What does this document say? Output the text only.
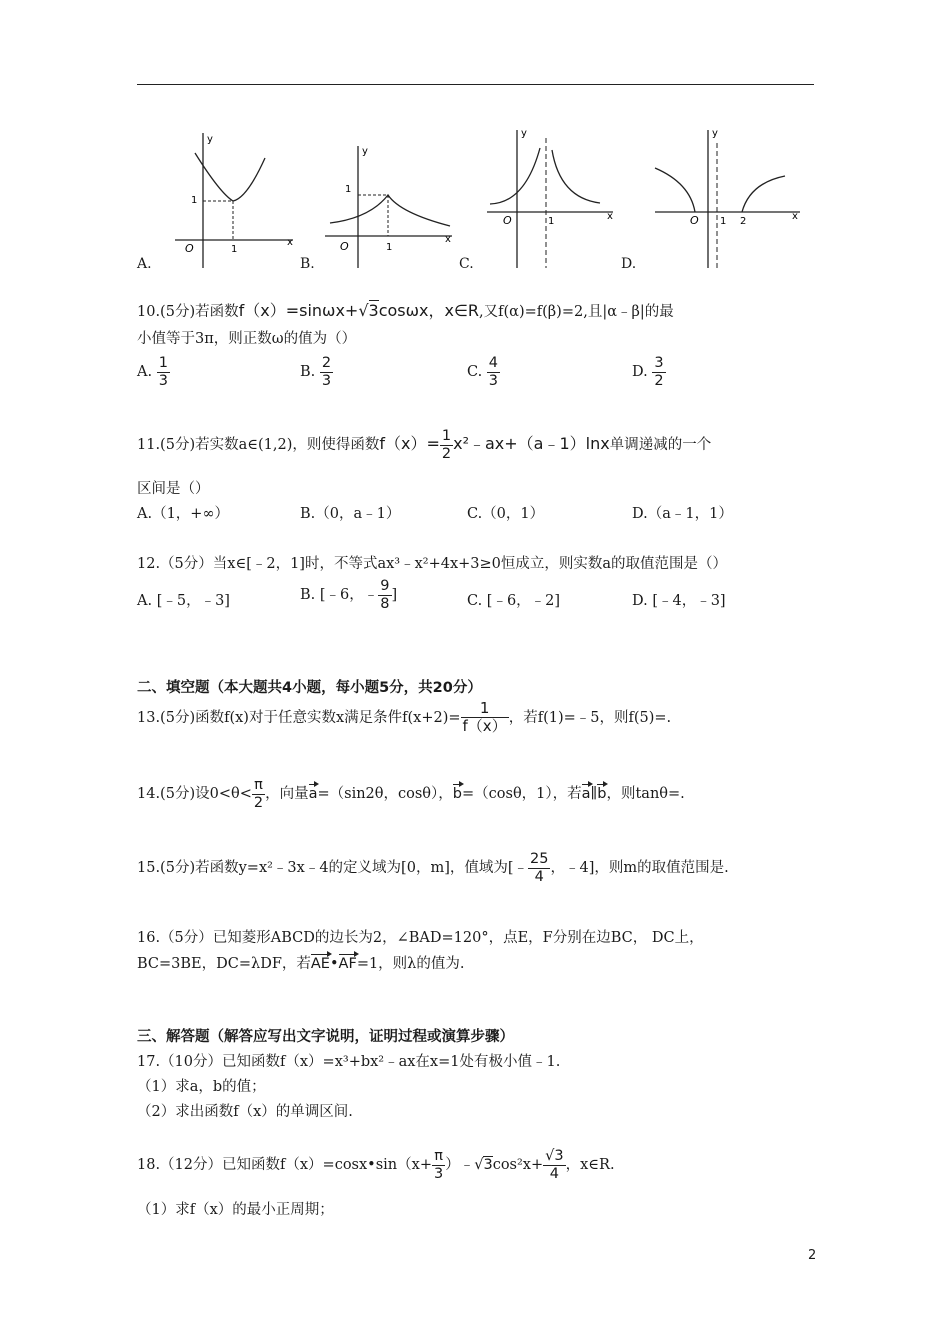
y
1
O	1
x
y
1
O	1
x
y
O	1	x
y
O 1 2	x
A.	B.	C.	D.
10.(5分)若函数f（x）=sinωx+√3cosωx，x∈R,又f(α)=f(β)=2,且|α﹣β|的最
小值等于3π，则正数ω的值为（）
A. $\frac{1}{3}$	B. $\frac{2}{3}$	C. $\frac{4}{3}$	D. $\frac{3}{2}$
11.(5分)若实数a∈(1,2)，则使得函数$f(x)= \frac{1}{2}$ x²﹣ax+（a﹣1）lnx单调递减的一个
区间是（）
A.（1，+∞）	B.（0，a﹣1）	C.（0，1）	D.（a﹣1，1）
12.（5分）当x∈[﹣2，1]时，不等式ax³﹣x²+4x+3≥0恒成立，则实数a的取值范围是（）
A. [﹣5，﹣3]	B. [﹣6，﹣ $\frac{9}{8}$ ]	C. [﹣6，﹣2]	D. [﹣4，﹣3]
二、填空题（本大题共4小题，每小题5分，共20分）
13.(5分)函数f(x)对于任意实数x满足条件$f(x+2)= \frac{1}{f(x)}$ ，若f(1)=﹣5，则f(5)=.
14.(5分)设$0<\theta< \frac{\pi}{2}$ ，向量a=（sin2θ，cosθ），b=（cosθ，1），若a∥b，则tanθ=.
15.(5分)若函数y=x²﹣3x﹣4的定义域为[0，m]，值域为[﹣ $\frac{25}{4}$ ，﹣4]，则m的取值范围是.
16.（5分）已知菱形ABCD的边长为2，∠BAD=120°，点E，F分别在边BC， DC上，
BC=3BE，DC=λDF，若AE•AF=1，则λ的值为.
三、解答题（解答应写出文字说明，证明过程或演算步骤）
17.（10分）已知函数f（x）=x³+bx²﹣ax在x=1处有极小值﹣1.
（1）求a，b的值；
（2）求出函数f（x）的单调区间.
18.（12分）已知函数f（x）=cosx•sin（x+ $\frac{\pi}{3}$ ）﹣√3cos²x+ $\frac{√3}{4}$ ，x∈R.
（1）求f（x）的最小正周期；
2
